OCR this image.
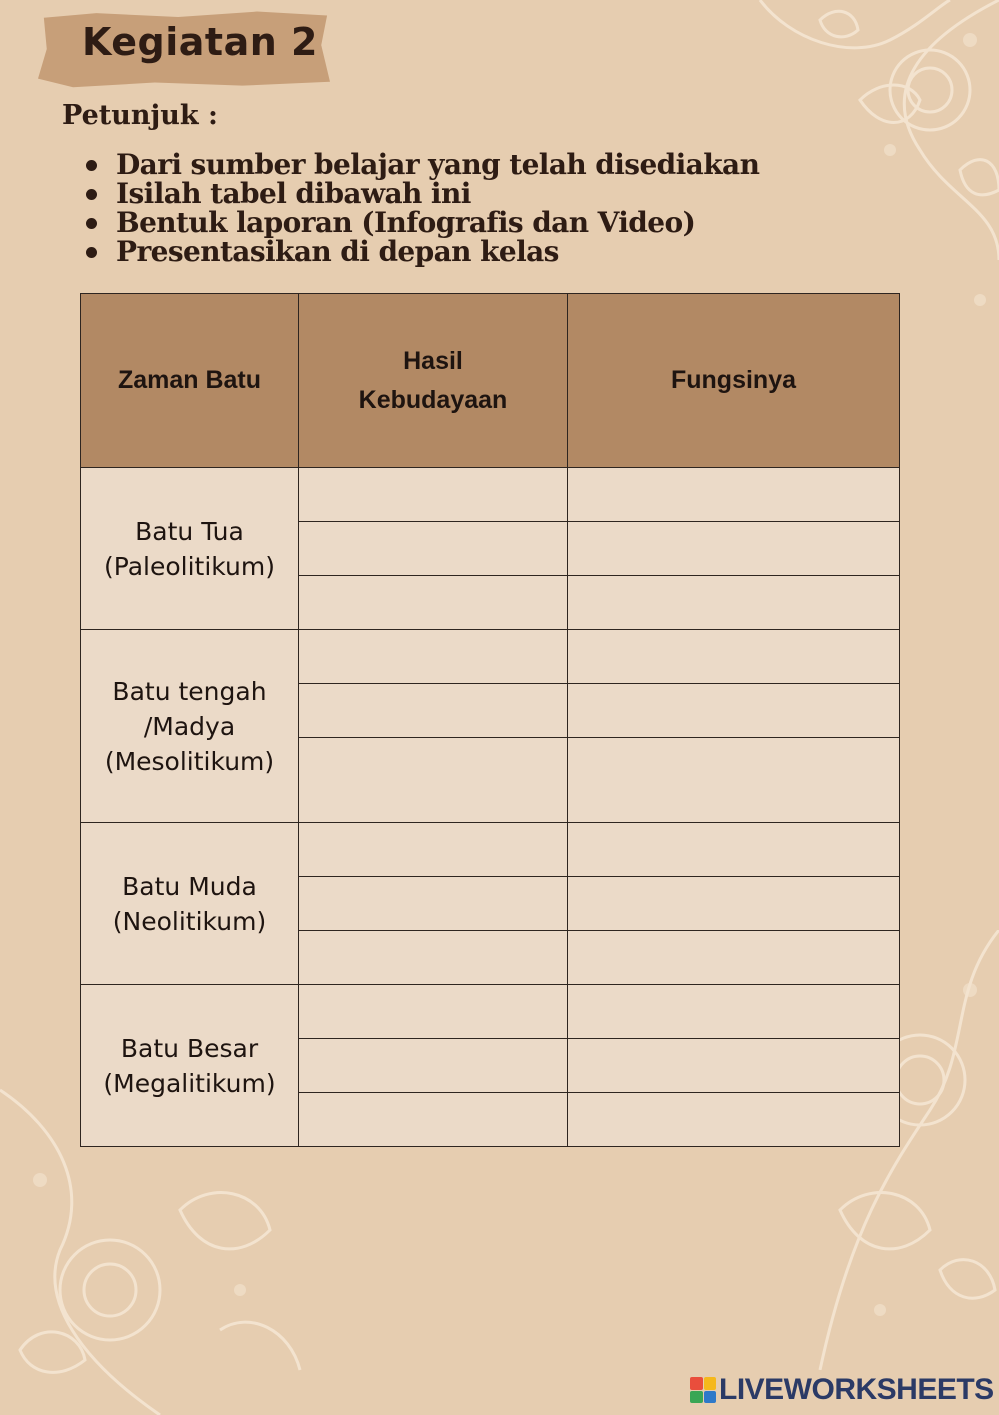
Kegiatan 2
Petunjuk :
Dari sumber belajar yang telah disediakan
Isilah tabel dibawah ini
Bentuk laporan (Infografis dan Video)
Presentasikan di depan kelas
Zaman Batu	Hasil Kebudayaan	Fungsinya

Batu Tua
(Paleolitikum)		

Batu tengah /Madya
(Mesolitikum)		

Batu Muda
(Neolitikum)		

Batu Besar
(Megalitikum)		

LIVEWORKSHEETS
